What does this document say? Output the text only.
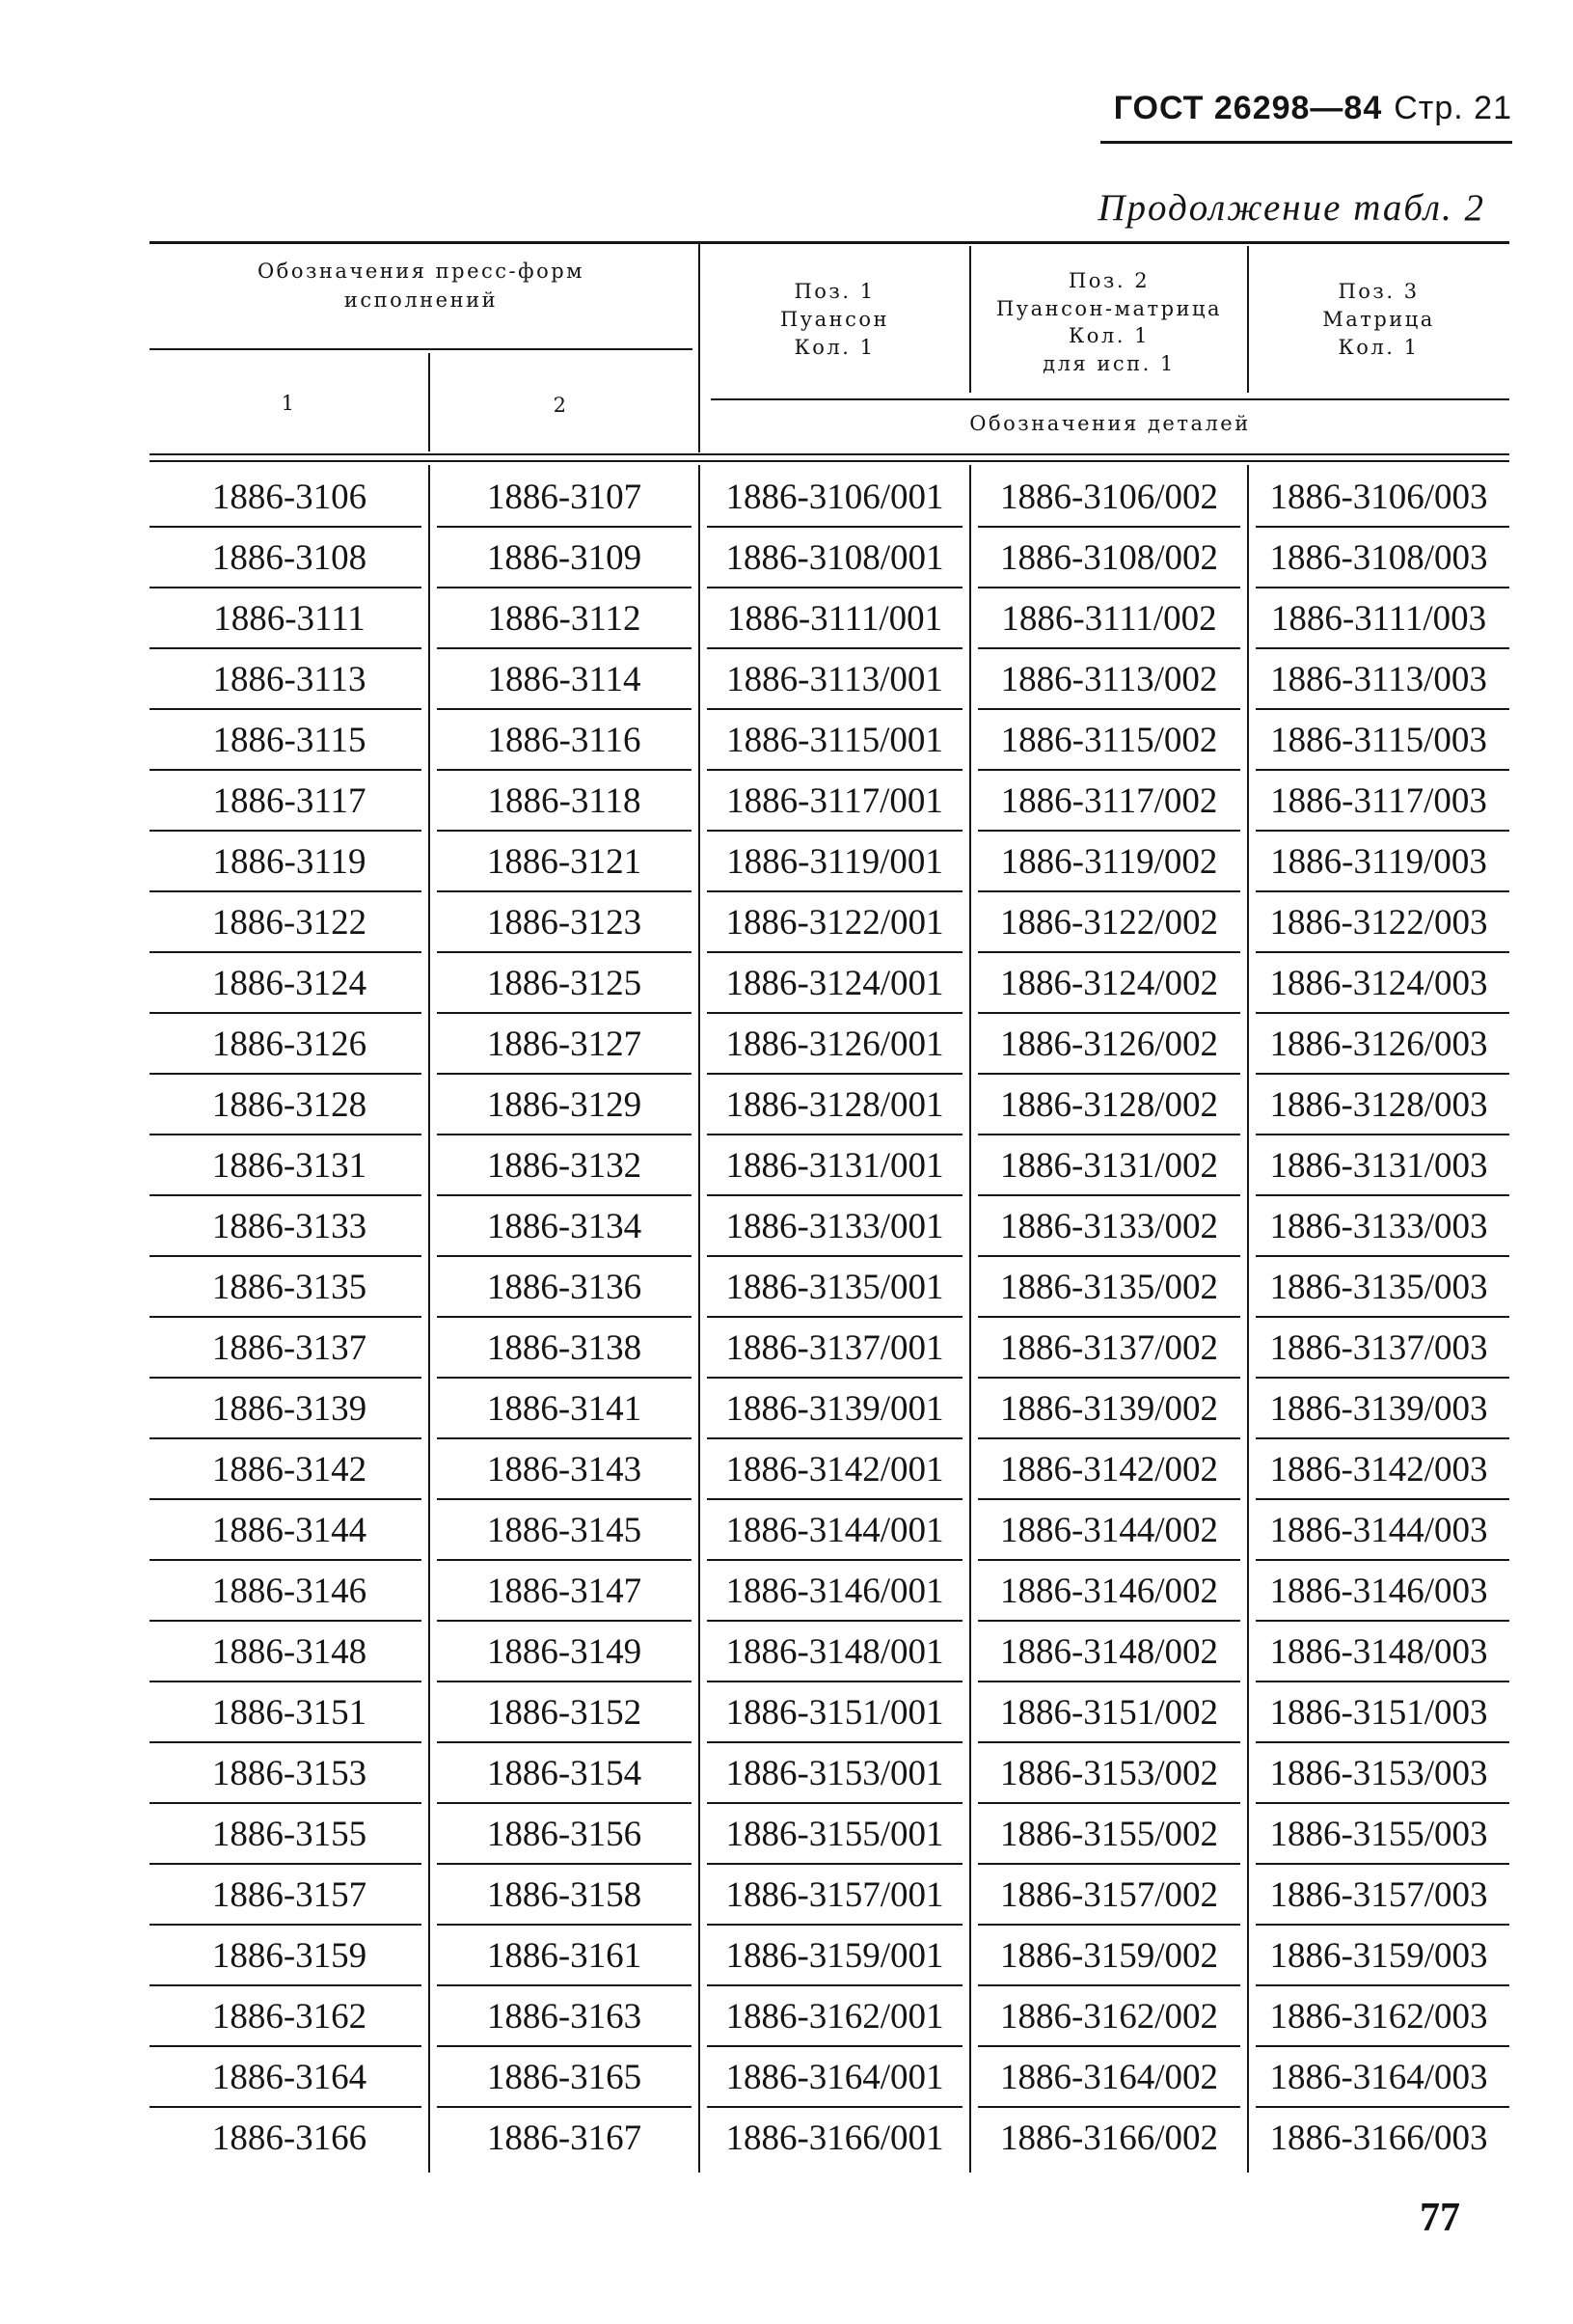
ГОСТ 26298—84 Стр. 21
Продолжение табл. 2
Обозначения пресс-форм
исполнений
1	2
Поз. 1
Пуансон
Кол. 1
Поз. 2
Пуансон-матрица
Кол. 1
для исп. 1
Поз. 3
Матрица
Кол. 1
Обозначения деталей
1886-3106	1886-3107	1886-3106/001	1886-3106/002	1886-3106/003
1886-3108	1886-3109	1886-3108/001	1886-3108/002	1886-3108/003
1886-3111	1886-3112	1886-3111/001	1886-3111/002	1886-3111/003
1886-3113	1886-3114	1886-3113/001	1886-3113/002	1886-3113/003
1886-3115	1886-3116	1886-3115/001	1886-3115/002	1886-3115/003
1886-3117	1886-3118	1886-3117/001	1886-3117/002	1886-3117/003
1886-3119	1886-3121	1886-3119/001	1886-3119/002	1886-3119/003
1886-3122	1886-3123	1886-3122/001	1886-3122/002	1886-3122/003
1886-3124	1886-3125	1886-3124/001	1886-3124/002	1886-3124/003
1886-3126	1886-3127	1886-3126/001	1886-3126/002	1886-3126/003
1886-3128	1886-3129	1886-3128/001	1886-3128/002	1886-3128/003
1886-3131	1886-3132	1886-3131/001	1886-3131/002	1886-3131/003
1886-3133	1886-3134	1886-3133/001	1886-3133/002	1886-3133/003
1886-3135	1886-3136	1886-3135/001	1886-3135/002	1886-3135/003
1886-3137	1886-3138	1886-3137/001	1886-3137/002	1886-3137/003
1886-3139	1886-3141	1886-3139/001	1886-3139/002	1886-3139/003
1886-3142	1886-3143	1886-3142/001	1886-3142/002	1886-3142/003
1886-3144	1886-3145	1886-3144/001	1886-3144/002	1886-3144/003
1886-3146	1886-3147	1886-3146/001	1886-3146/002	1886-3146/003
1886-3148	1886-3149	1886-3148/001	1886-3148/002	1886-3148/003
1886-3151	1886-3152	1886-3151/001	1886-3151/002	1886-3151/003
1886-3153	1886-3154	1886-3153/001	1886-3153/002	1886-3153/003
1886-3155	1886-3156	1886-3155/001	1886-3155/002	1886-3155/003
1886-3157	1886-3158	1886-3157/001	1886-3157/002	1886-3157/003
1886-3159	1886-3161	1886-3159/001	1886-3159/002	1886-3159/003
1886-3162	1886-3163	1886-3162/001	1886-3162/002	1886-3162/003
1886-3164	1886-3165	1886-3164/001	1886-3164/002	1886-3164/003
1886-3166	1886-3167	1886-3166/001	1886-3166/002	1886-3166/003
77
